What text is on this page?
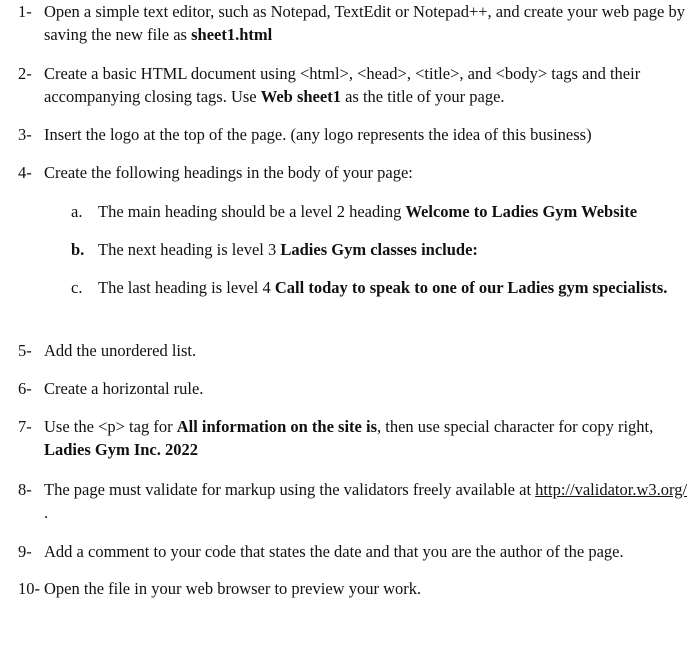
1- Open a simple text editor, such as Notepad, TextEdit or Notepad++, and create your web page by saving the new file as sheet1.html
2- Create a basic HTML document using <html>, <head>, <title>, and <body> tags and their accompanying closing tags. Use Web sheet1 as the title of your page.
3- Insert the logo at the top of the page. (any logo represents the idea of this business)
4- Create the following headings in the body of your page:
a. The main heading should be a level 2 heading Welcome to Ladies Gym Website
b. The next heading is level 3 Ladies Gym classes include:
c. The last heading is level 4 Call today to speak to one of our Ladies gym specialists.
5- Add the unordered list.
6- Create a horizontal rule.
7- Use the <p> tag for All information on the site is, then use special character for copy right, Ladies Gym Inc. 2022
8- The page must validate for markup using the validators freely available at http://validator.w3.org/ .
9- Add a comment to your code that states the date and that you are the author of the page.
10- Open the file in your web browser to preview your work.
